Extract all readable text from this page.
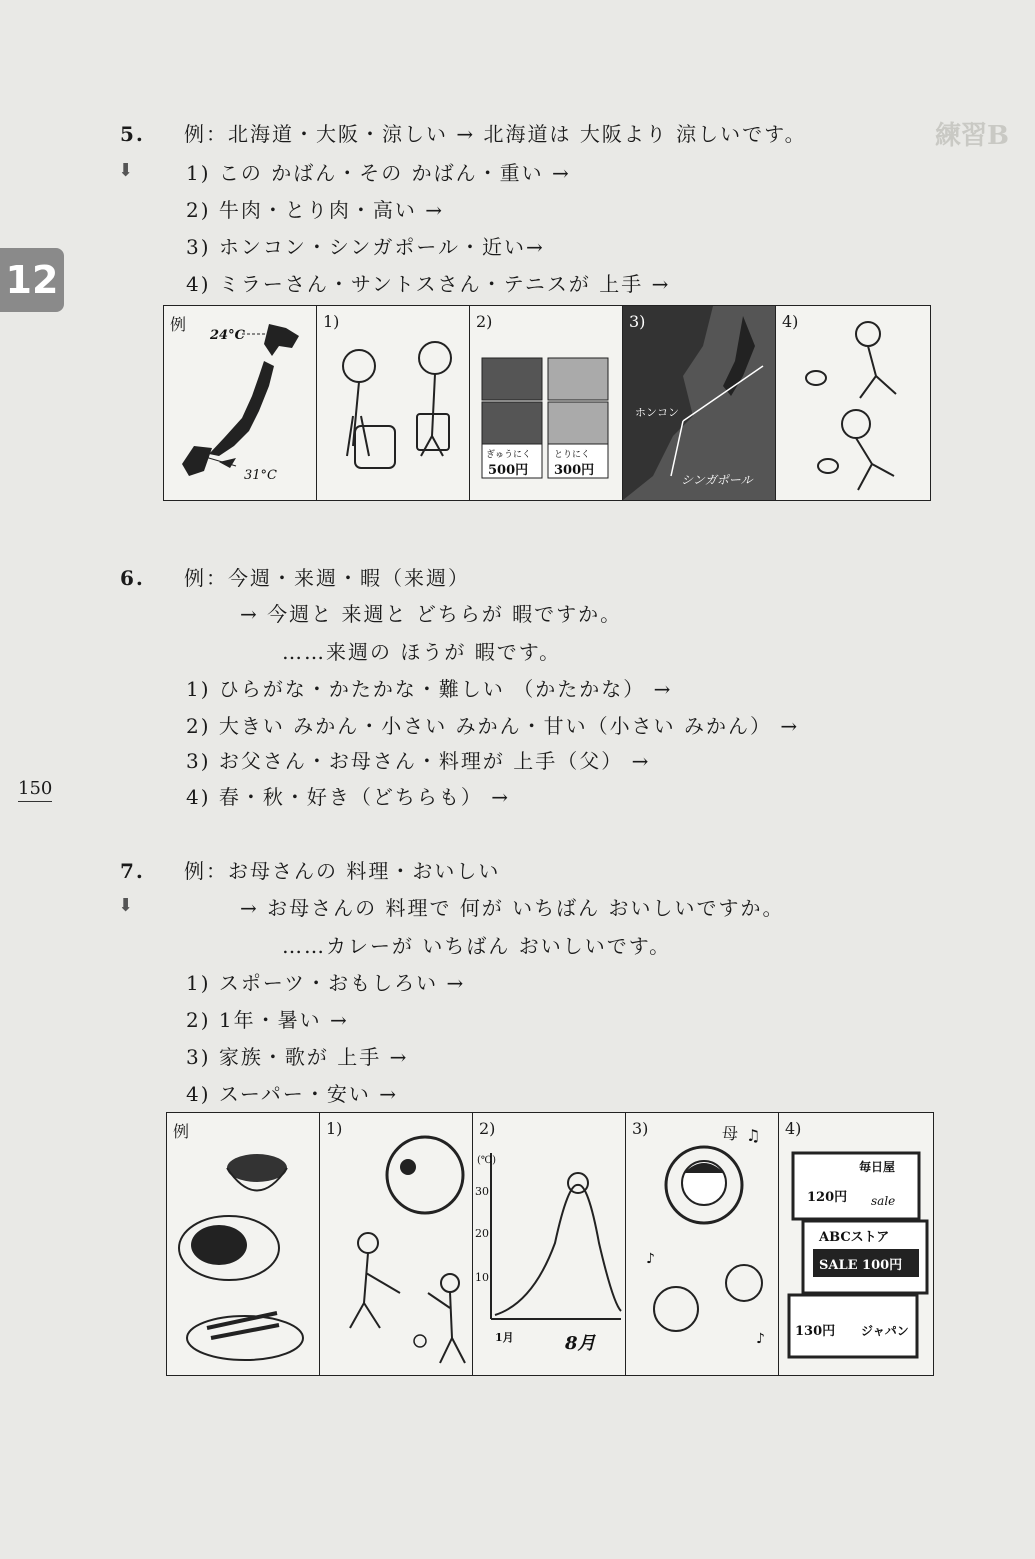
練習B
12
150
5. 例：北海道・大阪・涼しい → 北海道は 大阪より 涼しいです。
⬇	1) この かばん・その かばん・重い →
2) 牛肉・とり肉・高い →
3) ホンコン・シンガポール・近い→
4) ミラーさん・サントスさん・テニスが 上手 →
例
24°C
31°C
1)	2)
ぎゅうにく	とりにく
500円 300円
3)
ホンコン
シンガポール
4)
6. 例：今週・来週・暇（来週）
→ 今週と 来週と どちらが 暇ですか。
……来週の ほうが 暇です。
1) ひらがな・かたかな・難しい （かたかな） →
2) 大きい みかん・小さい みかん・甘い（小さい みかん） →
3) お父さん・お母さん・料理が 上手（父） →
4) 春・秋・好き（どちらも） →
7. 例：お母さんの 料理・おいしい
⬇	→ お母さんの 料理で 何が いちばん おいしいですか。
……カレーが いちばん おいしいです。
1) スポーツ・おもしろい →
2) 1年・暑い →
3) 家族・歌が 上手 →
4) スーパー・安い →
例	1)	2)
(℃)
30
20
10
1月	8月
3)	母 ♫
♪
♪
4)
毎日屋
120円 sale
ABCストア
SALE 100円
130円 ジャパン
